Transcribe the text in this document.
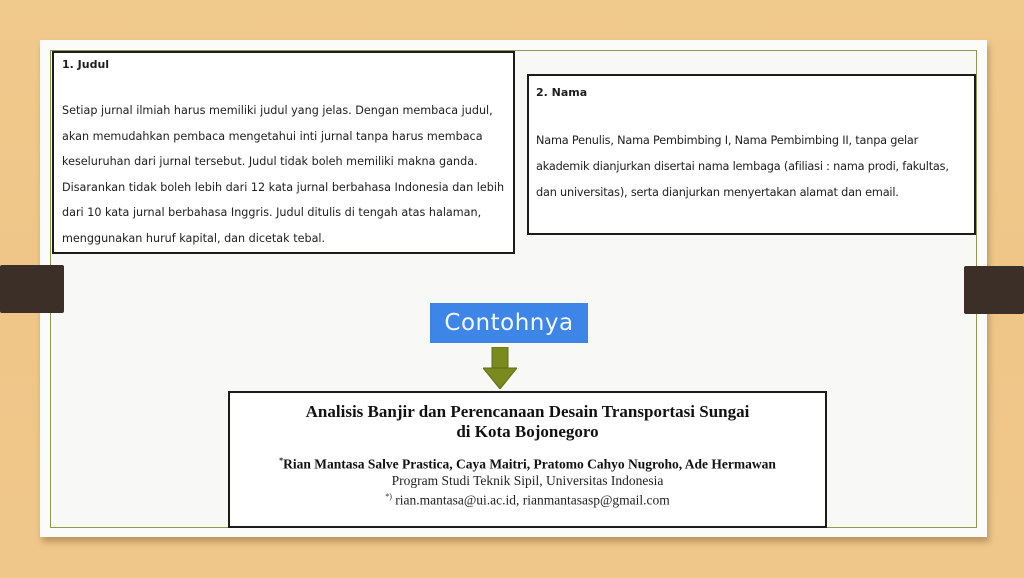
1. Judul

Setiap jurnal ilmiah harus memiliki judul yang jelas. Dengan membaca judul, akan memudahkan pembaca mengetahui inti jurnal tanpa harus membaca keseluruhan dari jurnal tersebut. Judul tidak boleh memiliki makna ganda. Disarankan tidak boleh lebih dari 12 kata jurnal berbahasa Indonesia dan lebih dari 10 kata jurnal berbahasa Inggris. Judul ditulis di tengah atas halaman, menggunakan huruf kapital, dan dicetak tebal.

2. Nama

Nama Penulis, Nama Pembimbing I, Nama Pembimbing II, tanpa gelar akademik dianjurkan disertai nama lembaga (afiliasi : nama prodi, fakultas, dan universitas), serta dianjurkan menyertakan alamat dan email.

Contohnya

Analisis Banjir dan Perencanaan Desain Transportasi Sungai

di Kota Bojonegoro

*Rian Mantasa Salve Prastica, Caya Maitri, Pratomo Cahyo Nugroho, Ade Hermawan

Program Studi Teknik Sipil, Universitas Indonesia

*) rian.mantasa@ui.ac.id, rianmantasasp@gmail.com
